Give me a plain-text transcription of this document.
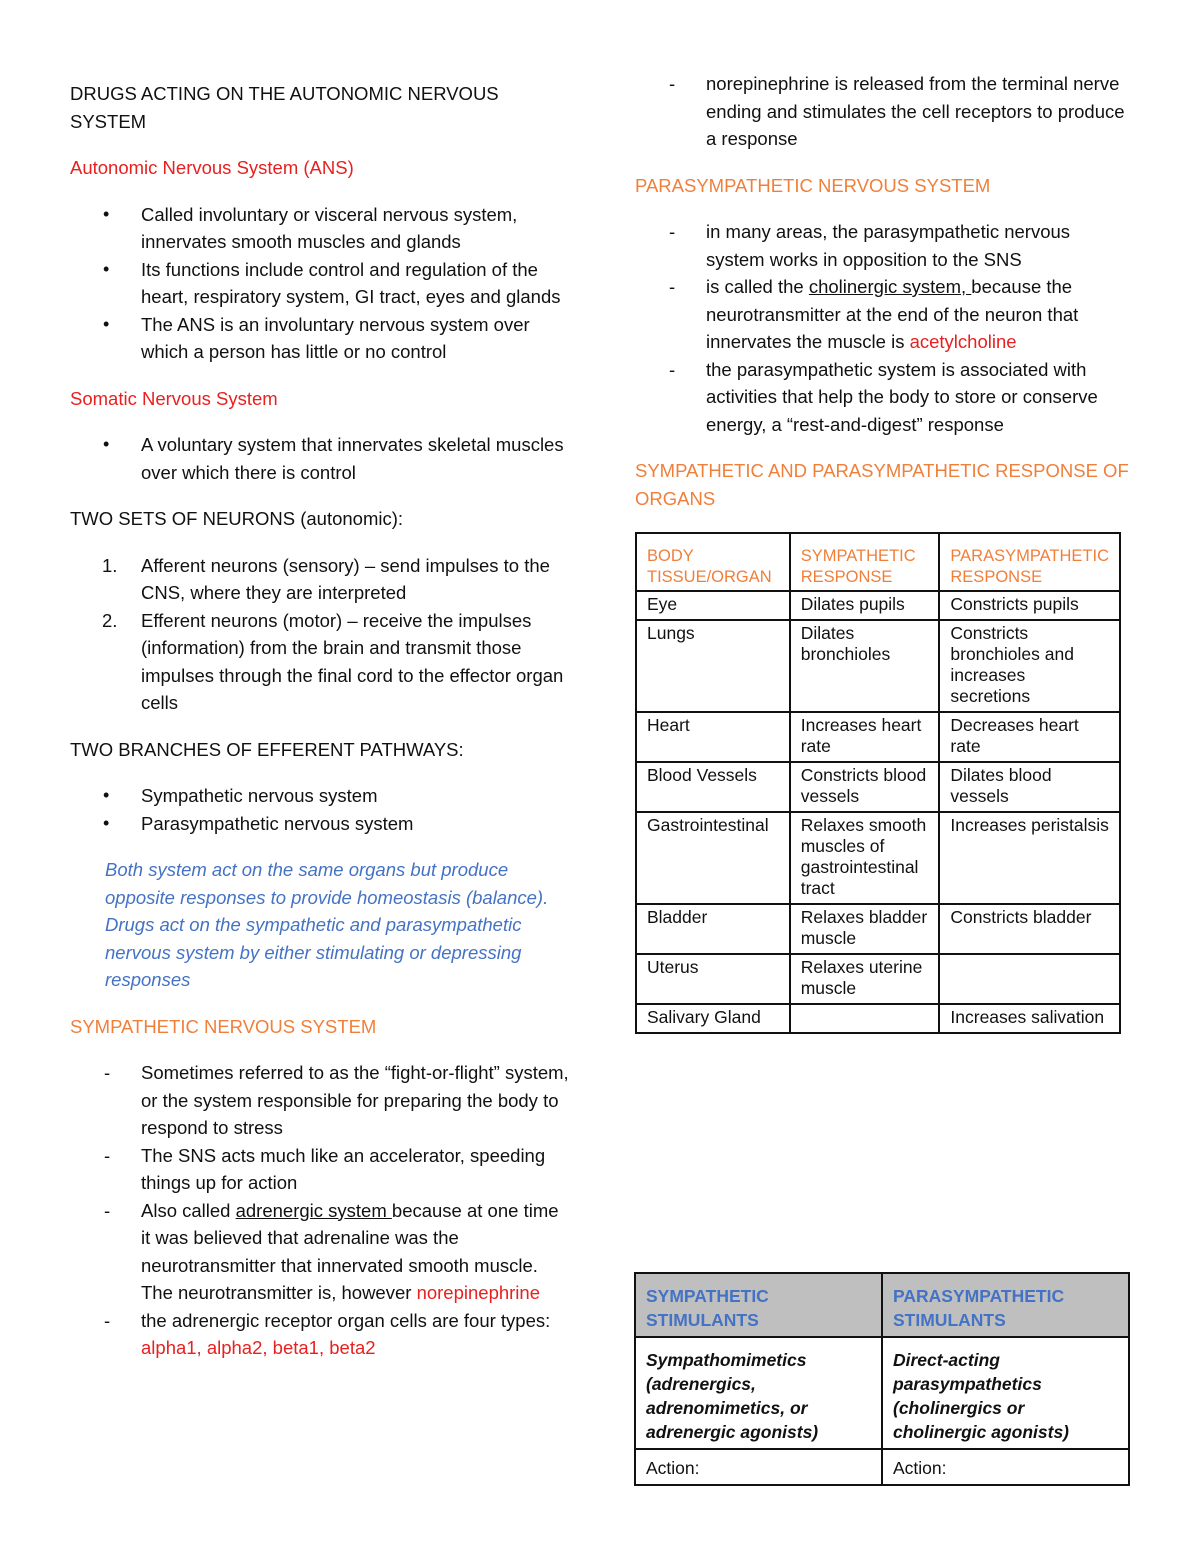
DRUGS ACTING ON THE AUTONOMIC NERVOUS

SYSTEM

Autonomic Nervous System (ANS)

• Called involuntary or visceral nervous system, innervates smooth muscles and glands
• Its functions include control and regulation of the heart, respiratory system, GI tract, eyes and glands
• The ANS is an involuntary nervous system over which a person has little or no control

Somatic Nervous System

• A voluntary system that innervates skeletal muscles over which there is control

TWO SETS OF NEURONS (autonomic):

1. Afferent neurons (sensory) – send impulses to the CNS, where they are interpreted
2. Efferent neurons (motor) – receive the impulses (information) from the brain and transmit those impulses through the final cord to the effector organ cells

TWO BRANCHES OF EFFERENT PATHWAYS:

• Sympathetic nervous system
• Parasympathetic nervous system

Both system act on the same organs but produce opposite responses to provide homeostasis (balance). Drugs act on the sympathetic and parasympathetic nervous system by either stimulating or depressing responses

SYMPATHETIC NERVOUS SYSTEM

- Sometimes referred to as the “fight-or-flight” system, or the system responsible for preparing the body to respond to stress
- The SNS acts much like an accelerator, speeding things up for action
- Also called adrenergic system because at one time it was believed that adrenaline was the neurotransmitter that innervated smooth muscle. The neurotransmitter is, however norepinephrine
- the adrenergic receptor organ cells are four types: alpha1, alpha2, beta1, beta2
- norepinephrine is released from the terminal nerve ending and stimulates the cell receptors to produce a response

PARASYMPATHETIC NERVOUS SYSTEM

- in many areas, the parasympathetic nervous system works in opposition to the SNS
- is called the cholinergic system, because the neurotransmitter at the end of the neuron that innervates the muscle is acetylcholine
- the parasympathetic system is associated with activities that help the body to store or conserve energy, a “rest-and-digest” response

SYMPATHETIC AND PARASYMPATHETIC RESPONSE OF ORGANS

BODY TISSUE/ORGAN	SYMPATHETIC RESPONSE	PARASYMPATHETIC RESPONSE
Eye	Dilates pupils	Constricts pupils
Lungs	Dilates bronchioles	Constricts bronchioles and increases secretions
Heart	Increases heart rate	Decreases heart rate
Blood Vessels	Constricts blood vessels	Dilates blood vessels
Gastrointestinal	Relaxes smooth muscles of gastrointestinal tract	Increases peristalsis
Bladder	Relaxes bladder muscle	Constricts bladder
Uterus	Relaxes uterine muscle	
Salivary Gland		Increases salivation
SYMPATHETIC STIMULANTS	PARASYMPATHETIC STIMULANTS
Sympathomimetics (adrenergics, adrenomimetics, or adrenergic agonists)	Direct-acting parasympathetics (cholinergics or cholinergic agonists)
Action:	Action:
